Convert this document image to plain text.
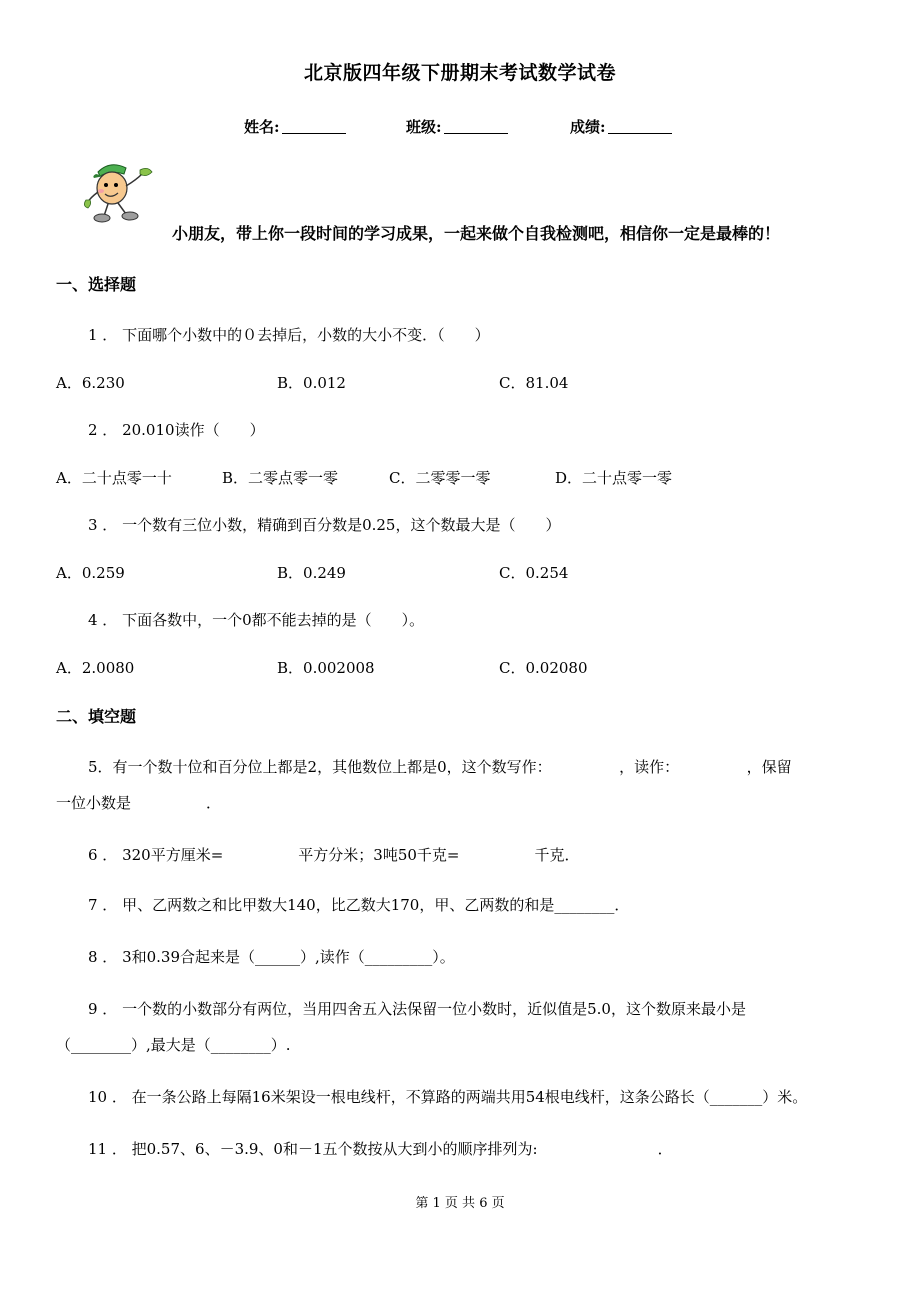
北京版四年级下册期末考试数学试卷
姓名:	班级:	成绩:
小朋友，带上你一段时间的学习成果，一起来做个自我检测吧，相信你一定是最棒的！
一、选择题
1 ． 下面哪个小数中的０去掉后，小数的大小不变．（　　）
A．6.230	B．0.012	C．81.04
2 ． 20.010读作（　　）
A．二十点零一十	B．二零点零一零	C．二零零一零	D．二十点零一零
3 ． 一个数有三位小数，精确到百分数是0.25，这个数最大是（　　）
A．0.259	B．0.249	C．0.254
4 ． 下面各数中，一个0都不能去掉的是（　　）。
A．2.0080	B．0.002008	C．0.02080
二、填空题
5．有一个数十位和百分位上都是2，其他数位上都是0，这个数写作：　　　　　，读作：　　　　　，保留
一位小数是　　　　　．
6 ． 320平方厘米=　　　　　平方分米；3吨50千克=　　　　　千克．
7 ． 甲、乙两数之和比甲数大140，比乙数大170，甲、乙两数的和是________．
8 ． 3和0.39合起来是（______）,读作（_________）。
9 ． 一个数的小数部分有两位，当用四舍五入法保留一位小数时，近似值是5.0，这个数原来最小是
（________）,最大是（________）.
10 ． 在一条公路上每隔16米架设一根电线杆，不算路的两端共用54根电线杆，这条公路长（_______）米。
11 ． 把0.57、6、－3.9、0和－1五个数按从大到小的顺序排列为:　　　　　　　　．
第 1 页 共 6 页
